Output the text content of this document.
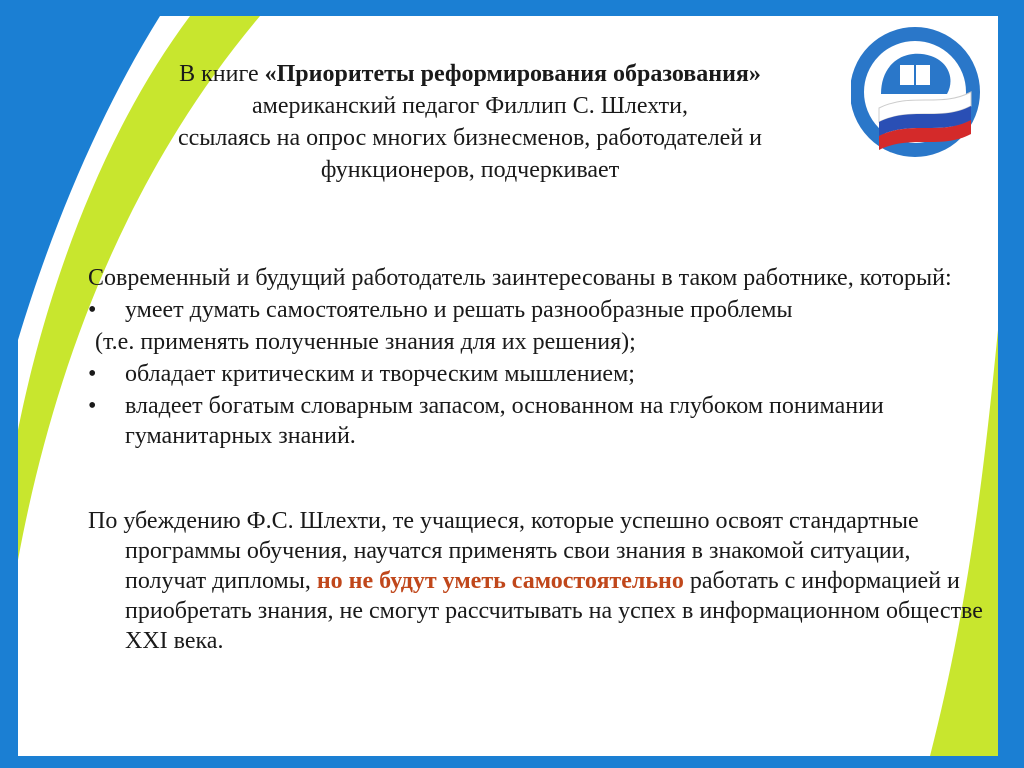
В книге «Приоритеты реформирования образования»
американский педагог Филлип С. Шлехти,
ссылаясь на опрос многих бизнесменов, работодателей и
функционеров, подчеркивает

Современный и будущий работодатель заинтересованы в таком работнике, который:

• умеет думать самостоятельно и решать разнообразные проблемы
(т.е. применять полученные знания для их решения);
• обладает критическим и творческим мышлением;
• владеет богатым словарным запасом, основанном на глубоком понимании гуманитарных знаний.

По убеждению Ф.С. Шлехти, те учащиеся, которые успешно освоят стандартные программы обучения, научатся применять свои знания в знакомой ситуации, получат дипломы, но не будут уметь самостоятельно работать с информацией и приобретать знания, не смогут рассчитывать на успех в информационном обществе XXI века.
